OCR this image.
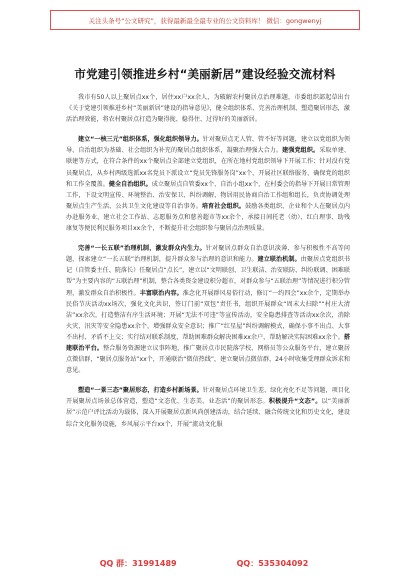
关注头条号“公文研究”，获得最新最全最专业的公文资料库！ 微信：gongwenyj
市党建引领推进乡村“美丽新居”建设经验交流材料

我市有50人以上聚居点xx个，居住xx户xx余人，为破解农村聚居点治理难题，市委组织部起草出台《关于党建引领推进乡村“美丽新居”建设的指导意见》，健全组织体系、完善治理机制、塑造聚居形态，激活治理效能，将农村聚居点打造为聚得拢、稳得住、过得好的美丽新居。

建立“一核三元”组织体系，强化组织领导力。针对聚居点无人管、管不好等问题，建立以党组织为领导、自治组织为基础、社会组织为补充的聚居点组织体系，凝聚治理强大合力。建强党组织。采取单建、联建等方式，在符合条件的xx个聚居点全部建立党组织，在所在地村党组织领导下开展工作；针对没有党员聚居点，从乡村两级选派xx名党员下派设立“党员先锋服务岗”xx个，开展社区联络服务，确保党的组织和工作全覆盖。健全自治组织。成立聚居点自管委xx个、自治小组xx个，在村委会的指导下开展日常管理工作，下设文明宣传、环境整治、治安保卫、纠纷调解、物居用民协商自治工作组和组长，负责协调处理聚居点生产生活、公共卫生文化建设等自治事务。培育社会组织。鼓励各类组织、企业和个人在聚居点内办赴服务业，建立社会工作站、志愿服务点和慈善超市等xx余个，承接日间托老（幼）、红白理事、助残康复等便民利民服务项目xx余个，不断提升社会组织参与聚居点治理质量。

完善“一长五联”治理机制，激发群众内生力。针对聚居点群众自治意识淡薄、参与积极性不高等问题，探索建立“一长五联”治理机制，提升群众参与治理的意识和能力。建立联治机制。由聚居点党组织书记（自管委主任、院落长）任聚居点“点长”，建立以“文明联创、卫生联洁、治安联防、纠纷联调、困难联帮”为主要内容的“五联治理”机制，整合各类资金建设积分超市，对群众参与“五联治理”等情况进行积分管理，激发群众自治积极性。丰富联治内容。淮念化开展群风易俗行动，修订“一约四会”xx余个，定期举办民俗节庆活动xx场次，强化文化共识，签订门前“双包”责任书，组织开展群众“周末大扫除”“村庄大清洁”xx余次，打造整洁有序生活环境；开展“无法不可违”等宣传活动，安全隐患排查等活动xx余次，消除火灾、汛灾等安全隐患xx余个，增强群众安全意识；推广“红星屋”纠纷调解模式，确保小事不出点、大事不出村、矛盾不上交；实行结对联系制度，帮助困难群众解决困难xx余户，帮助解决实际困难xx余个。搭建联治平台。整合服务资源建立议事阵地，推广聚居点市民院落学校、网格员等公众服务平台，建立聚居点微信群，“聚居点服务站”xx个，开通联治“微信热线”，建立聚居点微信群、24小时收集受理群众诉求和意见。

塑造“一景三态”聚居形态，打造乡村新场景。针对聚居点环境卫生差、绿化亮化不足等问题，项目化开展聚居点场景总体营造，塑造“文态优、生态美、业态活”的聚居形态。积极提升“文态”。以“美丽新居”示范户评比活动为载体，深入开展聚居点新风尚创建活动，结合延续、融合传统文化和历史文化，建设综合文化服务设施，乡风展示平台xx个，开展“流动文化服

QQ 群：31991489	QQ：535304092
